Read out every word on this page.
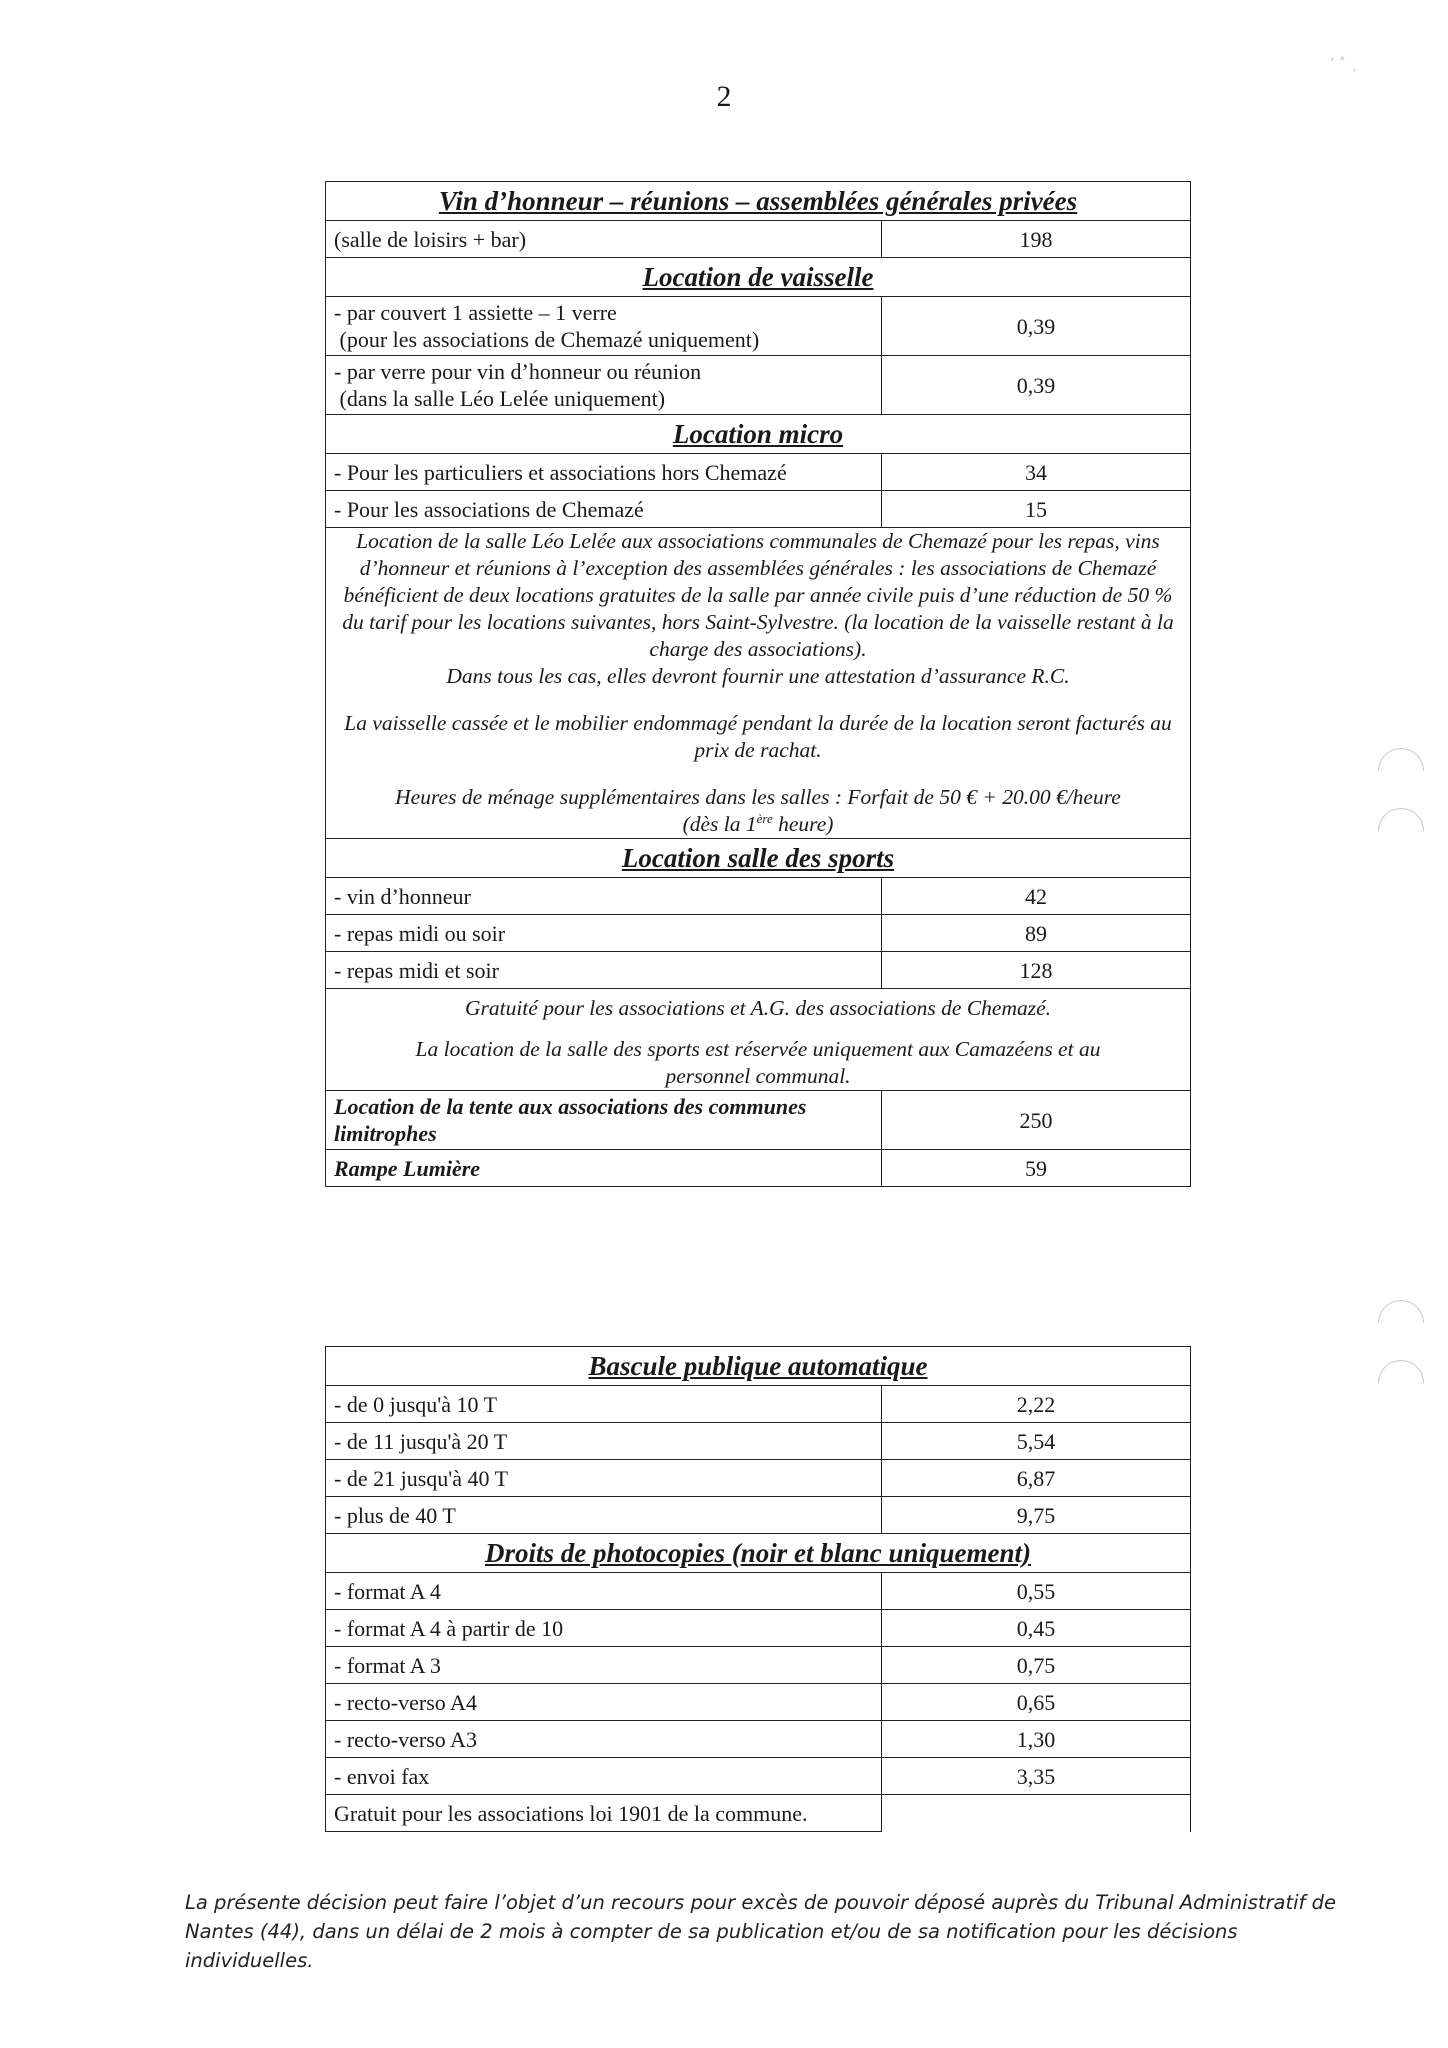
2
ʼ ˄ ˏ
Vin d’honneur – réunions – assemblées générales privées	
(salle de loisirs + bar)	198
Location de vaisselle	

- par couvert 1 assiette – 1 verre
(pour les associations de Chemazé uniquement)	0,39

- par verre pour vin d’honneur ou réunion
(dans la salle Léo Lelée uniquement)	0,39
Location micro	
- Pour les particuliers et associations hors Chemazé	34
- Pour les associations de Chemazé	15

Location de la salle Léo Lelée aux associations communales de Chemazé pour les repas, vins d’honneur et réunions à l’exception des assemblées générales : les associations de Chemazé bénéficient de deux locations gratuites de la salle par année civile puis d’une réduction de 50 % du tarif pour les locations suivantes, hors Saint-Sylvestre. (la location de la vaisselle restant à la charge des associations).
Dans tous les cas, elles devront fournir une attestation d’assurance R.C.

La vaisselle cassée et le mobilier endommagé pendant la durée de la location seront facturés au prix de rachat.

Heures de ménage supplémentaires dans les salles : Forfait de 50 € + 20.00 €/heure
(dès la 1ère heure)	

Location salle des sports	
- vin d’honneur	42
- repas midi ou soir	89
- repas midi et soir	128

Gratuité pour les associations et A.G. des associations de Chemazé.

La location de la salle des sports est réservée uniquement aux Camazéens et au personnel communal.	

Location de la tente aux associations des communes limitrophes	250
Rampe Lumière	59
Bascule publique automatique	
- de 0 jusqu'à 10 T	2,22
- de 11 jusqu'à 20 T	5,54
- de 21 jusqu'à 40 T	6,87
- plus de 40 T	9,75
Droits de photocopies (noir et blanc uniquement)	
- format A 4	0,55
- format A 4 à partir de 10	0,45
- format A 3	0,75
- recto-verso A4	0,65
- recto-verso A3	1,30
- envoi fax	3,35
Gratuit pour les associations loi 1901 de la commune.	
La présente décision peut faire l’objet d’un recours pour excès de pouvoir déposé auprès du Tribunal Administratif de Nantes (44), dans un délai de 2 mois à compter de sa publication et/ou de sa notification pour les décisions individuelles.
